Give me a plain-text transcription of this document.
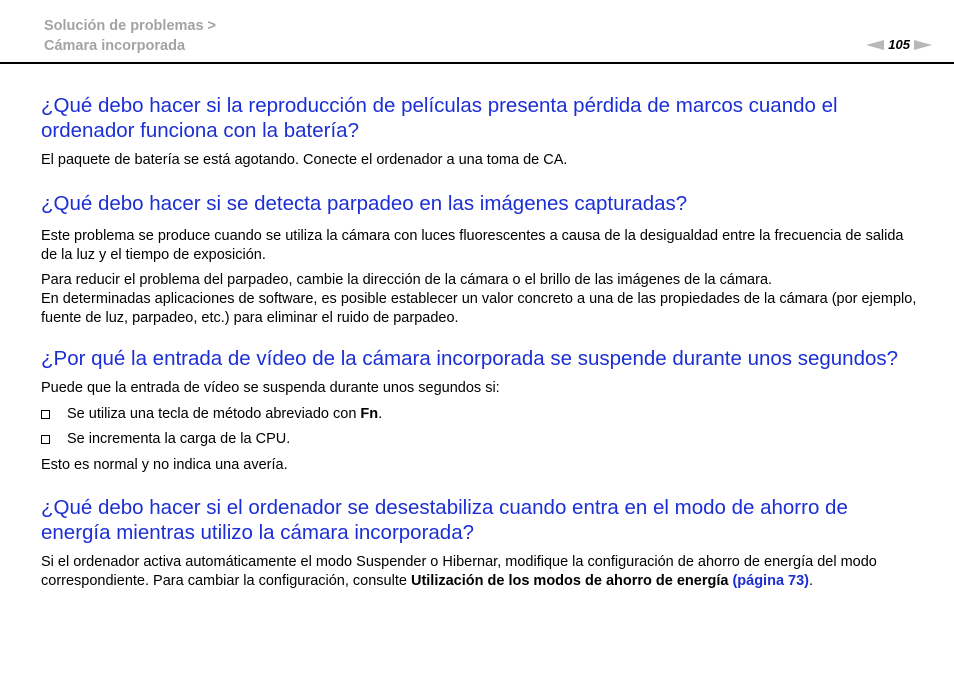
Solución de problemas >
Cámara incorporada	105
¿Qué debo hacer si la reproducción de películas presenta pérdida de marcos cuando el ordenador funciona con la batería?

El paquete de batería se está agotando. Conecte el ordenador a una toma de CA.

¿Qué debo hacer si se detecta parpadeo en las imágenes capturadas?

Este problema se produce cuando se utiliza la cámara con luces fluorescentes a causa de la desigualdad entre la frecuencia de salida de la luz y el tiempo de exposición.

Para reducir el problema del parpadeo, cambie la dirección de la cámara o el brillo de las imágenes de la cámara.

En determinadas aplicaciones de software, es posible establecer un valor concreto a una de las propiedades de la cámara (por ejemplo, fuente de luz, parpadeo, etc.) para eliminar el ruido de parpadeo.

¿Por qué la entrada de vídeo de la cámara incorporada se suspende durante unos segundos?

Puede que la entrada de vídeo se suspenda durante unos segundos si:

Se utiliza una tecla de método abreviado con Fn.
Se incrementa la carga de la CPU.

Esto es normal y no indica una avería.

¿Qué debo hacer si el ordenador se desestabiliza cuando entra en el modo de ahorro de energía mientras utilizo la cámara incorporada?

Si el ordenador activa automáticamente el modo Suspender o Hibernar, modifique la configuración de ahorro de energía del modo correspondiente. Para cambiar la configuración, consulte Utilización de los modos de ahorro de energía (página 73).
